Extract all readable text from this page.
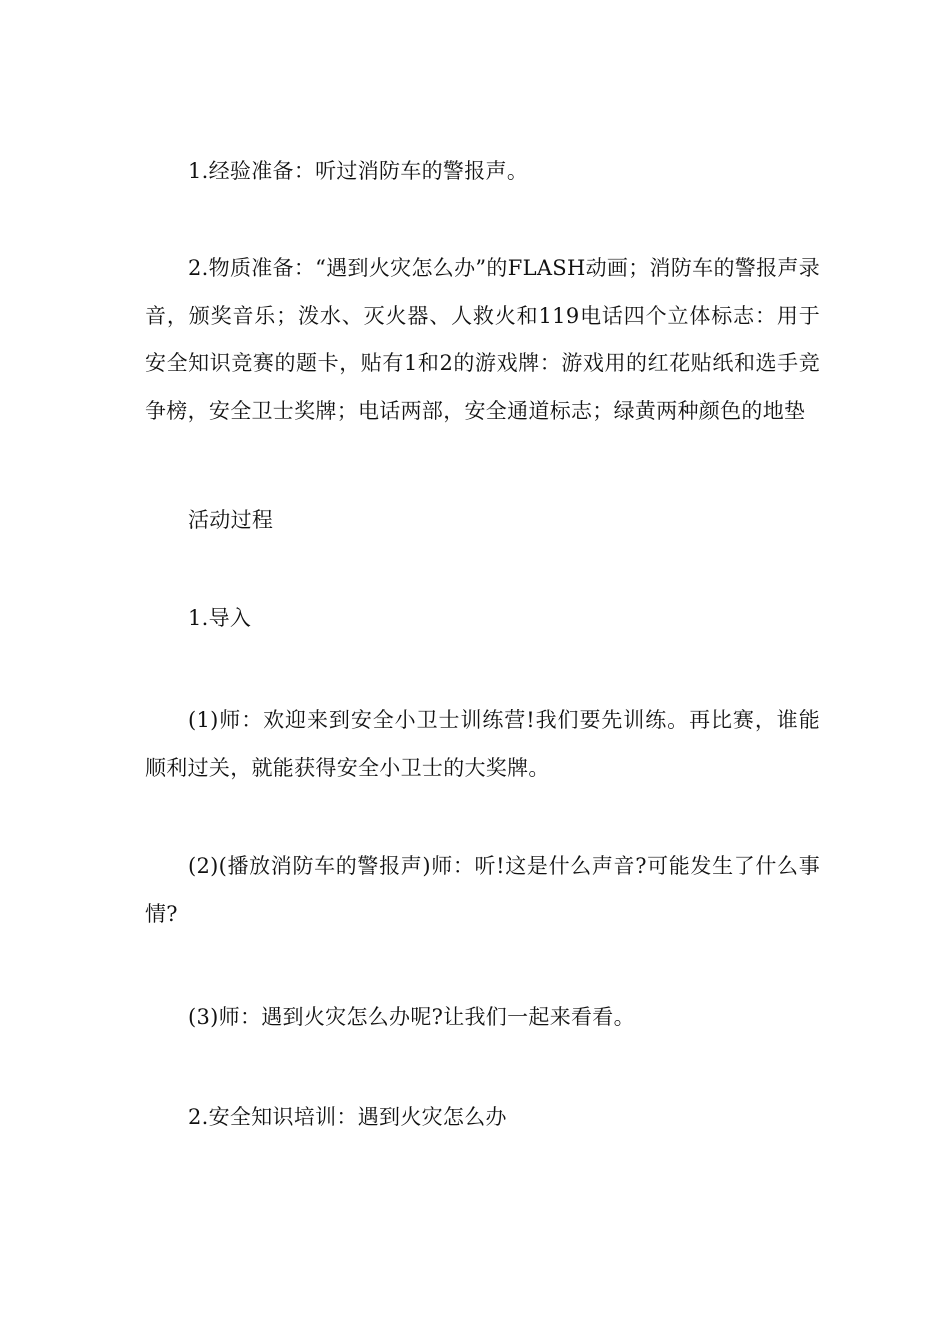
1.经验准备：听过消防车的警报声。

2.物质准备：“遇到火灾怎么办”的FLASH动画；消防车的警报声录音，颁奖音乐；泼水、灭火器、人救火和119电话四个立体标志：用于安全知识竞赛的题卡，贴有1和2的游戏牌：游戏用的红花贴纸和选手竞争榜，安全卫士奖牌；电话两部，安全通道标志；绿黄两种颜色的地垫

活动过程

1.导入

(1)师：欢迎来到安全小卫士训练营!我们要先训练。再比赛，谁能顺利过关，就能获得安全小卫士的大奖牌。

(2)(播放消防车的警报声)师：听!这是什么声音?可能发生了什么事情?

(3)师：遇到火灾怎么办呢?让我们一起来看看。

2.安全知识培训：遇到火灾怎么办
